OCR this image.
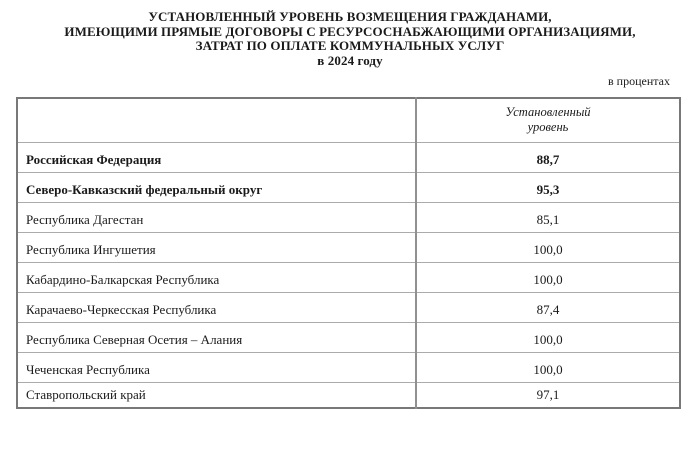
УСТАНОВЛЕННЫЙ УРОВЕНЬ ВОЗМЕЩЕНИЯ ГРАЖДАНАМИ,
ИМЕЮЩИМИ ПРЯМЫЕ ДОГОВОРЫ С РЕСУРСОСНАБЖАЮЩИМИ ОРГАНИЗАЦИЯМИ,
ЗАТРАТ ПО ОПЛАТЕ КОММУНАЛЬНЫХ УСЛУГ
в 2024 году
в процентах

	Установленный
уровень

Российская Федерация	88,7
Северо-Кавказский федеральный округ	95,3
Республика Дагестан	85,1
Республика Ингушетия	100,0
Кабардино-Балкарская Республика	100,0
Карачаево-Черкесская Республика	87,4
Республика Северная Осетия – Алания	100,0
Чеченская Республика	100,0
Ставропольский край	97,1
